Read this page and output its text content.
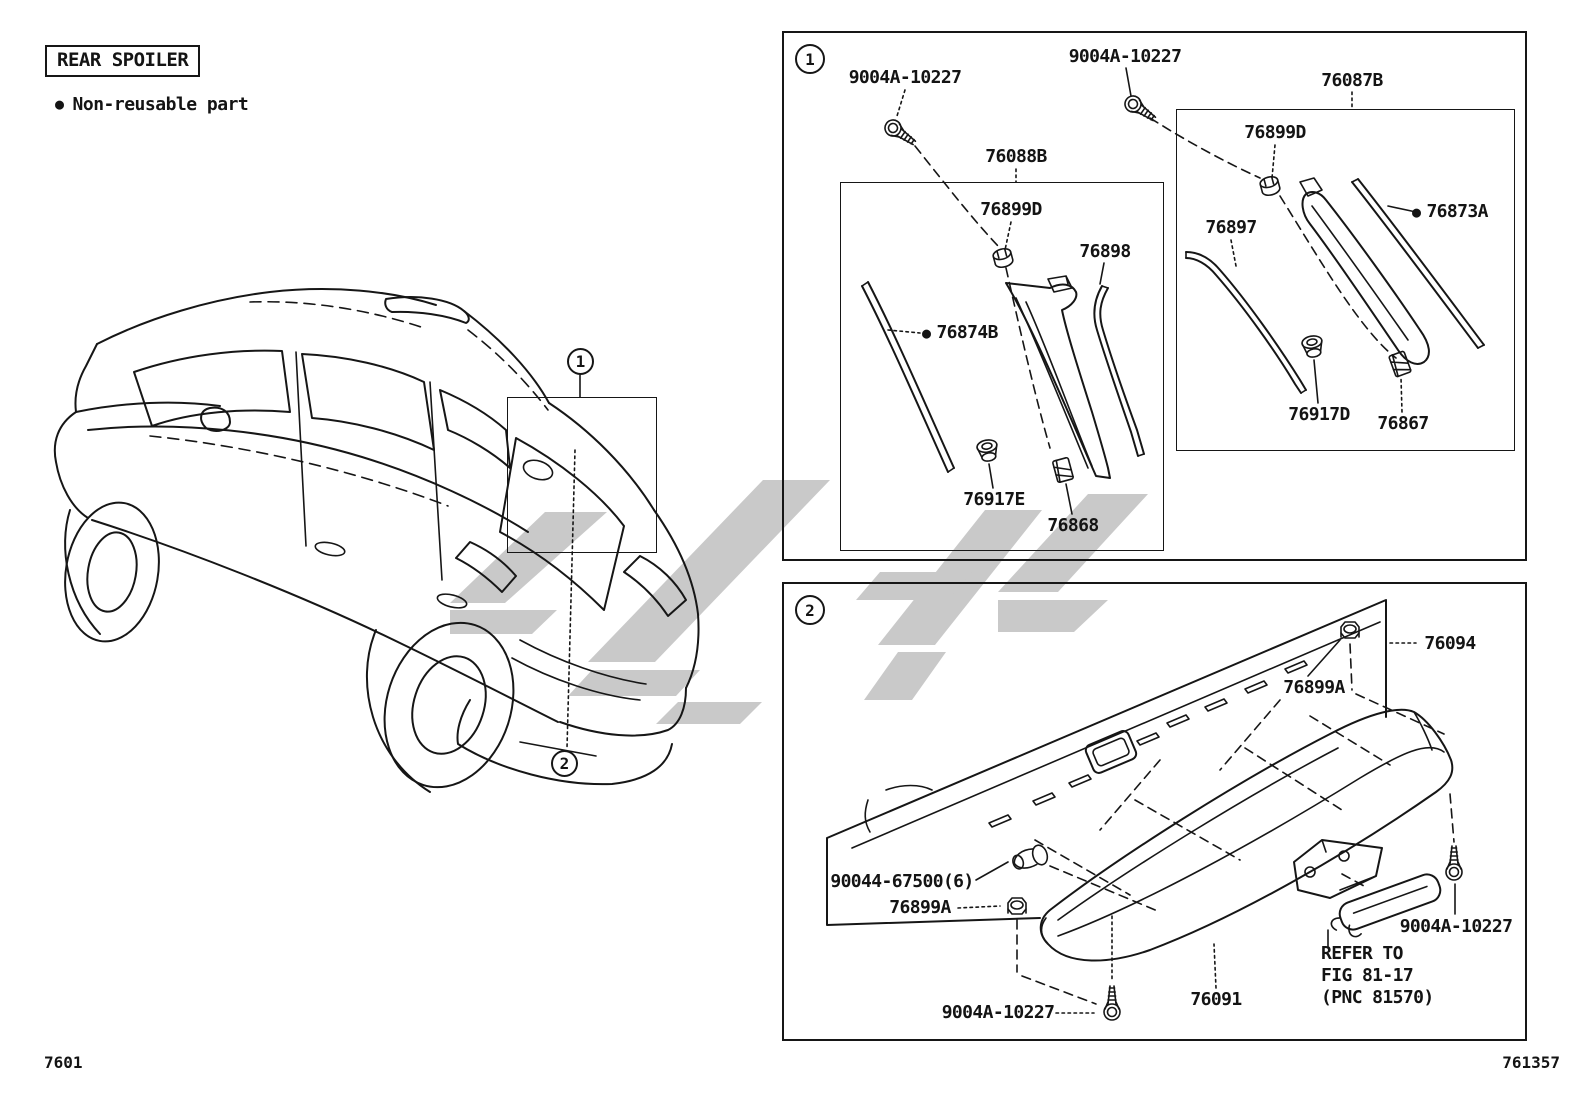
REAR SPOILER
● Non-reusable part
1
2
1
2
9004A-10227
9004A-10227
76087B
76088B
76899D
76899D
76898
76897
● 76873A
● 76874B
76917E
76868
76917D 76867
76094
76899A
90044-67500(6)
76899A
9004A-10227
76091
9004A-10227
REFER TO
FIG 81-17
(PNC 81570)
7601	761357
